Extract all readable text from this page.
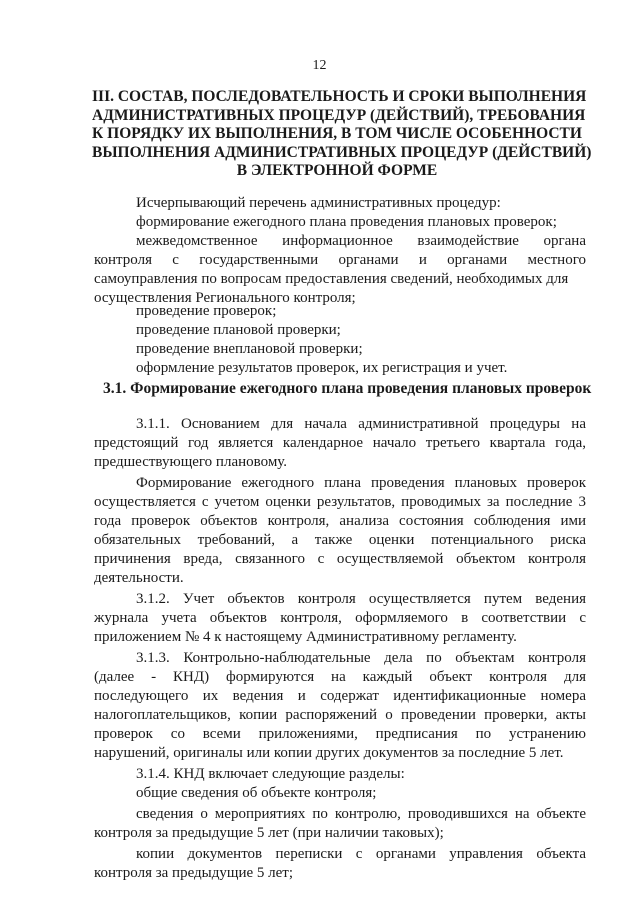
12
III. СОСТАВ, ПОСЛЕДОВАТЕЛЬНОСТЬ И СРОКИ ВЫПОЛНЕНИЯ
АДМИНИСТРАТИВНЫХ ПРОЦЕДУР (ДЕЙСТВИЙ), ТРЕБОВАНИЯ
К ПОРЯДКУ ИХ ВЫПОЛНЕНИЯ, В ТОМ ЧИСЛЕ ОСОБЕННОСТИ
ВЫПОЛНЕНИЯ АДМИНИСТРАТИВНЫХ ПРОЦЕДУР (ДЕЙСТВИЙ)
В ЭЛЕКТРОННОЙ ФОРМЕ
Исчерпывающий перечень административных процедур:
формирование ежегодного плана проведения плановых проверок;
межведомственное информационное взаимодействие органа
контроля с государственными органами и органами местного
самоуправления по вопросам предоставления сведений, необходимых для
осуществления Регионального контроля;
проведение проверок;
проведение плановой проверки;
проведение внеплановой проверки;
оформление результатов проверок, их регистрация и учет.
3.1. Формирование ежегодного плана проведения плановых проверок
3.1.1. Основанием для начала административной процедуры на
предстоящий год является календарное начало третьего квартала года,
предшествующего плановому.
Формирование ежегодного плана проведения плановых проверок
осуществляется с учетом оценки результатов, проводимых за последние 3
года проверок объектов контроля, анализа состояния соблюдения ими
обязательных требований, а также оценки потенциального риска
причинения вреда, связанного с осуществляемой объектом контроля
деятельности.
3.1.2. Учет объектов контроля осуществляется путем ведения
журнала учета объектов контроля, оформляемого в соответствии с
приложением № 4 к настоящему Административному регламенту.
3.1.3. Контрольно-наблюдательные дела по объектам контроля
(далее - КНД) формируются на каждый объект контроля для
последующего их ведения и содержат идентификационные номера
налогоплательщиков, копии распоряжений о проведении проверки, акты
проверок со всеми приложениями, предписания по устранению
нарушений, оригиналы или копии других документов за последние 5 лет.
3.1.4. КНД включает следующие разделы:
общие сведения об объекте контроля;
сведения о мероприятиях по контролю, проводившихся на объекте
контроля за предыдущие 5 лет (при наличии таковых);
копии документов переписки с органами управления объекта
контроля за предыдущие 5 лет;
